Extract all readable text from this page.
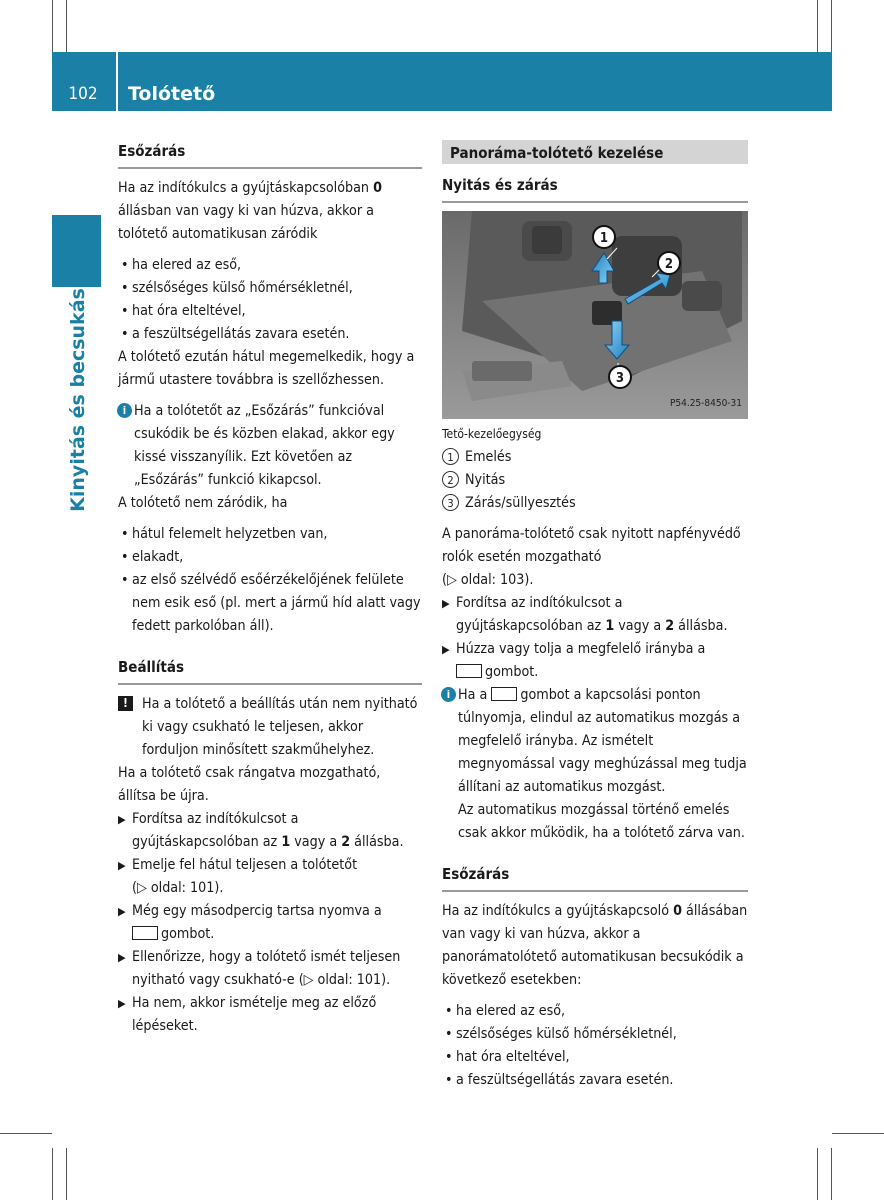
102	Tolótető
Kinyitás és becsukás
Esőzárás

Ha az indítókulcs a gyújtáskapcsolóban 0 állásban van vagy ki van húzva, akkor a tolótető automatikusan záródik

• ha elered az eső,
• szélsőséges külső hőmérsékletnél,
• hat óra elteltével,
• a feszültségellátás zavara esetén.

A tolótető ezután hátul megemelkedik, hogy a jármű utastere továbbra is szellőzhessen.

i Ha a tolótetőt az „Esőzárás” funkcióval csukódik be és közben elakad, akkor egy kissé visszanyílik. Ezt követően az „Esőzárás” funkció kikapcsol.

A tolótető nem záródik, ha

• hátul felemelt helyzetben van,
• elakadt,
• az első szélvédő esőérzékelőjének felülete nem esik eső (pl. mert a jármű híd alatt vagy fedett parkolóban áll).
Beállítás
! Ha a tolótető a beállítás után nem nyitható ki vagy csukható le teljesen, akkor forduljon minősített szakműhelyhez.

Ha a tolótető csak rángatva mozgatható, állítsa be újra.

▶ Fordítsa az indítókulcsot a gyújtáskapcsolóban az 1 vagy a 2 állásba.
▶ Emelje fel hátul teljesen a tolótetőt
(▷ oldal: 101).
▶ Még egy másodpercig tartsa nyomva a
gombot.
▶ Ellenőrizze, hogy a tolótető ismét teljesen nyitható vagy csukható-e (▷ oldal: 101).
▶ Ha nem, akkor ismételje meg az előző lépéseket.
Panoráma-tolótető kezelése
Nyitás és zárás
1
2
3
P54.25-8450-31
Tető-kezelőegység
1 Emelés
2 Nyitás
3 Zárás/süllyesztés

A panoráma-tolótető csak nyitott napfényvédő rolók esetén mozgatható
(▷ oldal: 103).

▶ Fordítsa az indítókulcsot a gyújtáskapcsolóban az 1 vagy a 2 állásba.
▶ Húzza vagy tolja a megfelelő irányba a
gombot.
i Ha a gombot a kapcsolási ponton túlnyomja, elindul az automatikus mozgás a megfelelő irányba. Az ismételt megnyomással vagy meghúzással meg tudja állítani az automatikus mozgást.
Az automatikus mozgással történő emelés csak akkor működik, ha a tolótető zárva van.
Esőzárás

Ha az indítókulcs a gyújtáskapcsoló 0 állásában van vagy ki van húzva, akkor a panorámatolótető automatikusan becsukódik a következő esetekben:

• ha elered az eső,
• szélsőséges külső hőmérsékletnél,
• hat óra elteltével,
• a feszültségellátás zavara esetén.
